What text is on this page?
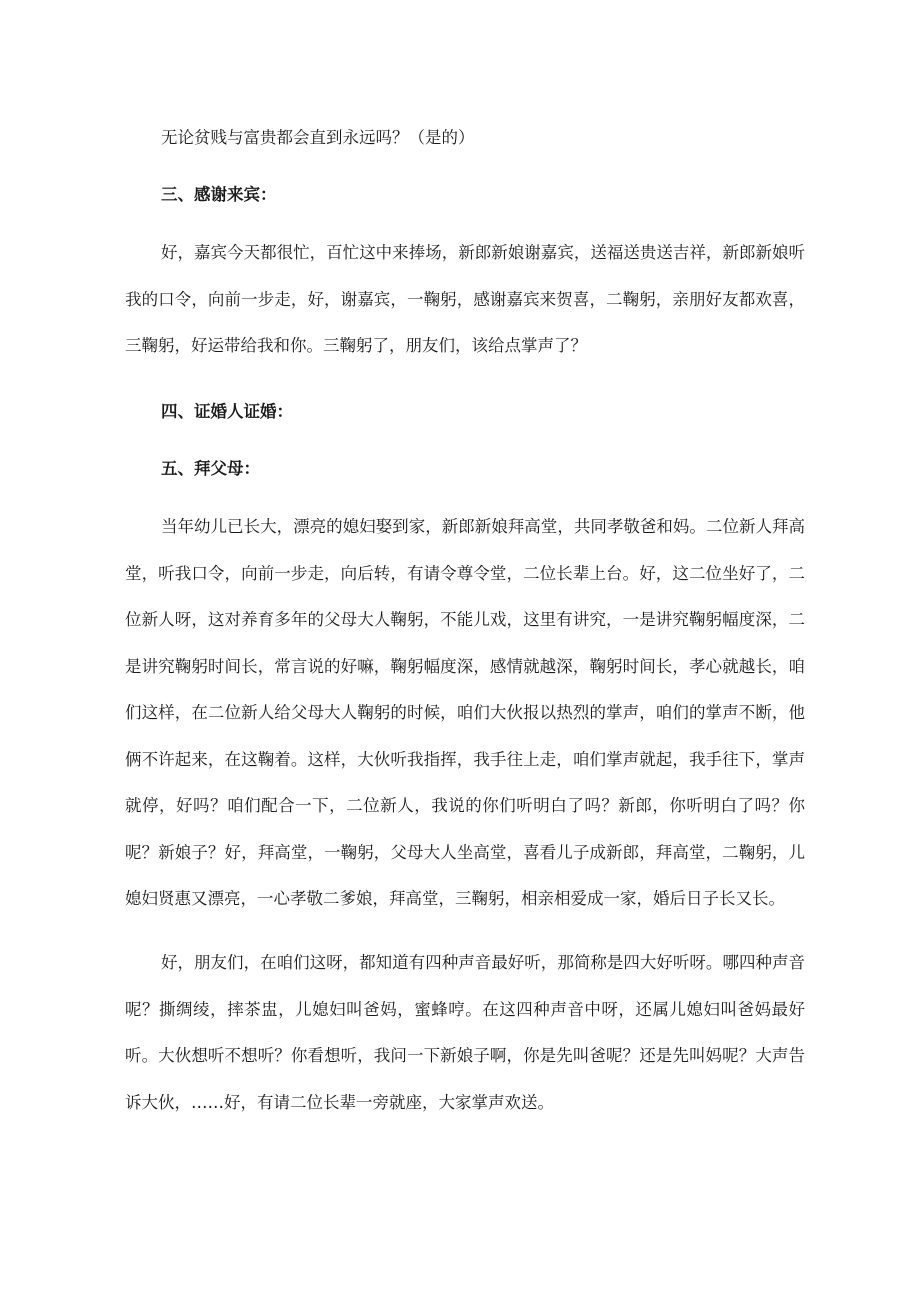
无论贫贱与富贵都会直到永远吗？（是的）

三、感谢来宾：

好，嘉宾今天都很忙，百忙这中来捧场，新郎新娘谢嘉宾，送福送贵送吉祥，新郎新娘听我的口令，向前一步走，好，谢嘉宾，一鞠躬，感谢嘉宾来贺喜，二鞠躬，亲朋好友都欢喜，三鞠躬，好运带给我和你。三鞠躬了，朋友们，该给点掌声了？

四、证婚人证婚：

五、拜父母：

当年幼儿已长大，漂亮的媳妇娶到家，新郎新娘拜高堂，共同孝敬爸和妈。二位新人拜高堂，听我口令，向前一步走，向后转，有请令尊令堂，二位长辈上台。好，这二位坐好了，二位新人呀，这对养育多年的父母大人鞠躬，不能儿戏，这里有讲究，一是讲究鞠躬幅度深，二是讲究鞠躬时间长，常言说的好嘛，鞠躬幅度深，感情就越深，鞠躬时间长，孝心就越长，咱们这样，在二位新人给父母大人鞠躬的时候，咱们大伙报以热烈的掌声，咱们的掌声不断，他俩不许起来，在这鞠着。这样，大伙听我指挥，我手往上走，咱们掌声就起，我手往下，掌声就停，好吗？咱们配合一下，二位新人，我说的你们听明白了吗？新郎，你听明白了吗？你呢？新娘子？好，拜高堂，一鞠躬，父母大人坐高堂，喜看儿子成新郎，拜高堂，二鞠躬，儿媳妇贤惠又漂亮，一心孝敬二爹娘，拜高堂，三鞠躬，相亲相爱成一家，婚后日子长又长。

好，朋友们，在咱们这呀，都知道有四种声音最好听，那简称是四大好听呀。哪四种声音呢？撕绸绫，摔茶盅，儿媳妇叫爸妈，蜜蜂哼。在这四种声音中呀，还属儿媳妇叫爸妈最好听。大伙想听不想听？你看想听，我问一下新娘子啊，你是先叫爸呢？还是先叫妈呢？大声告诉大伙，……好，有请二位长辈一旁就座，大家掌声欢送。
